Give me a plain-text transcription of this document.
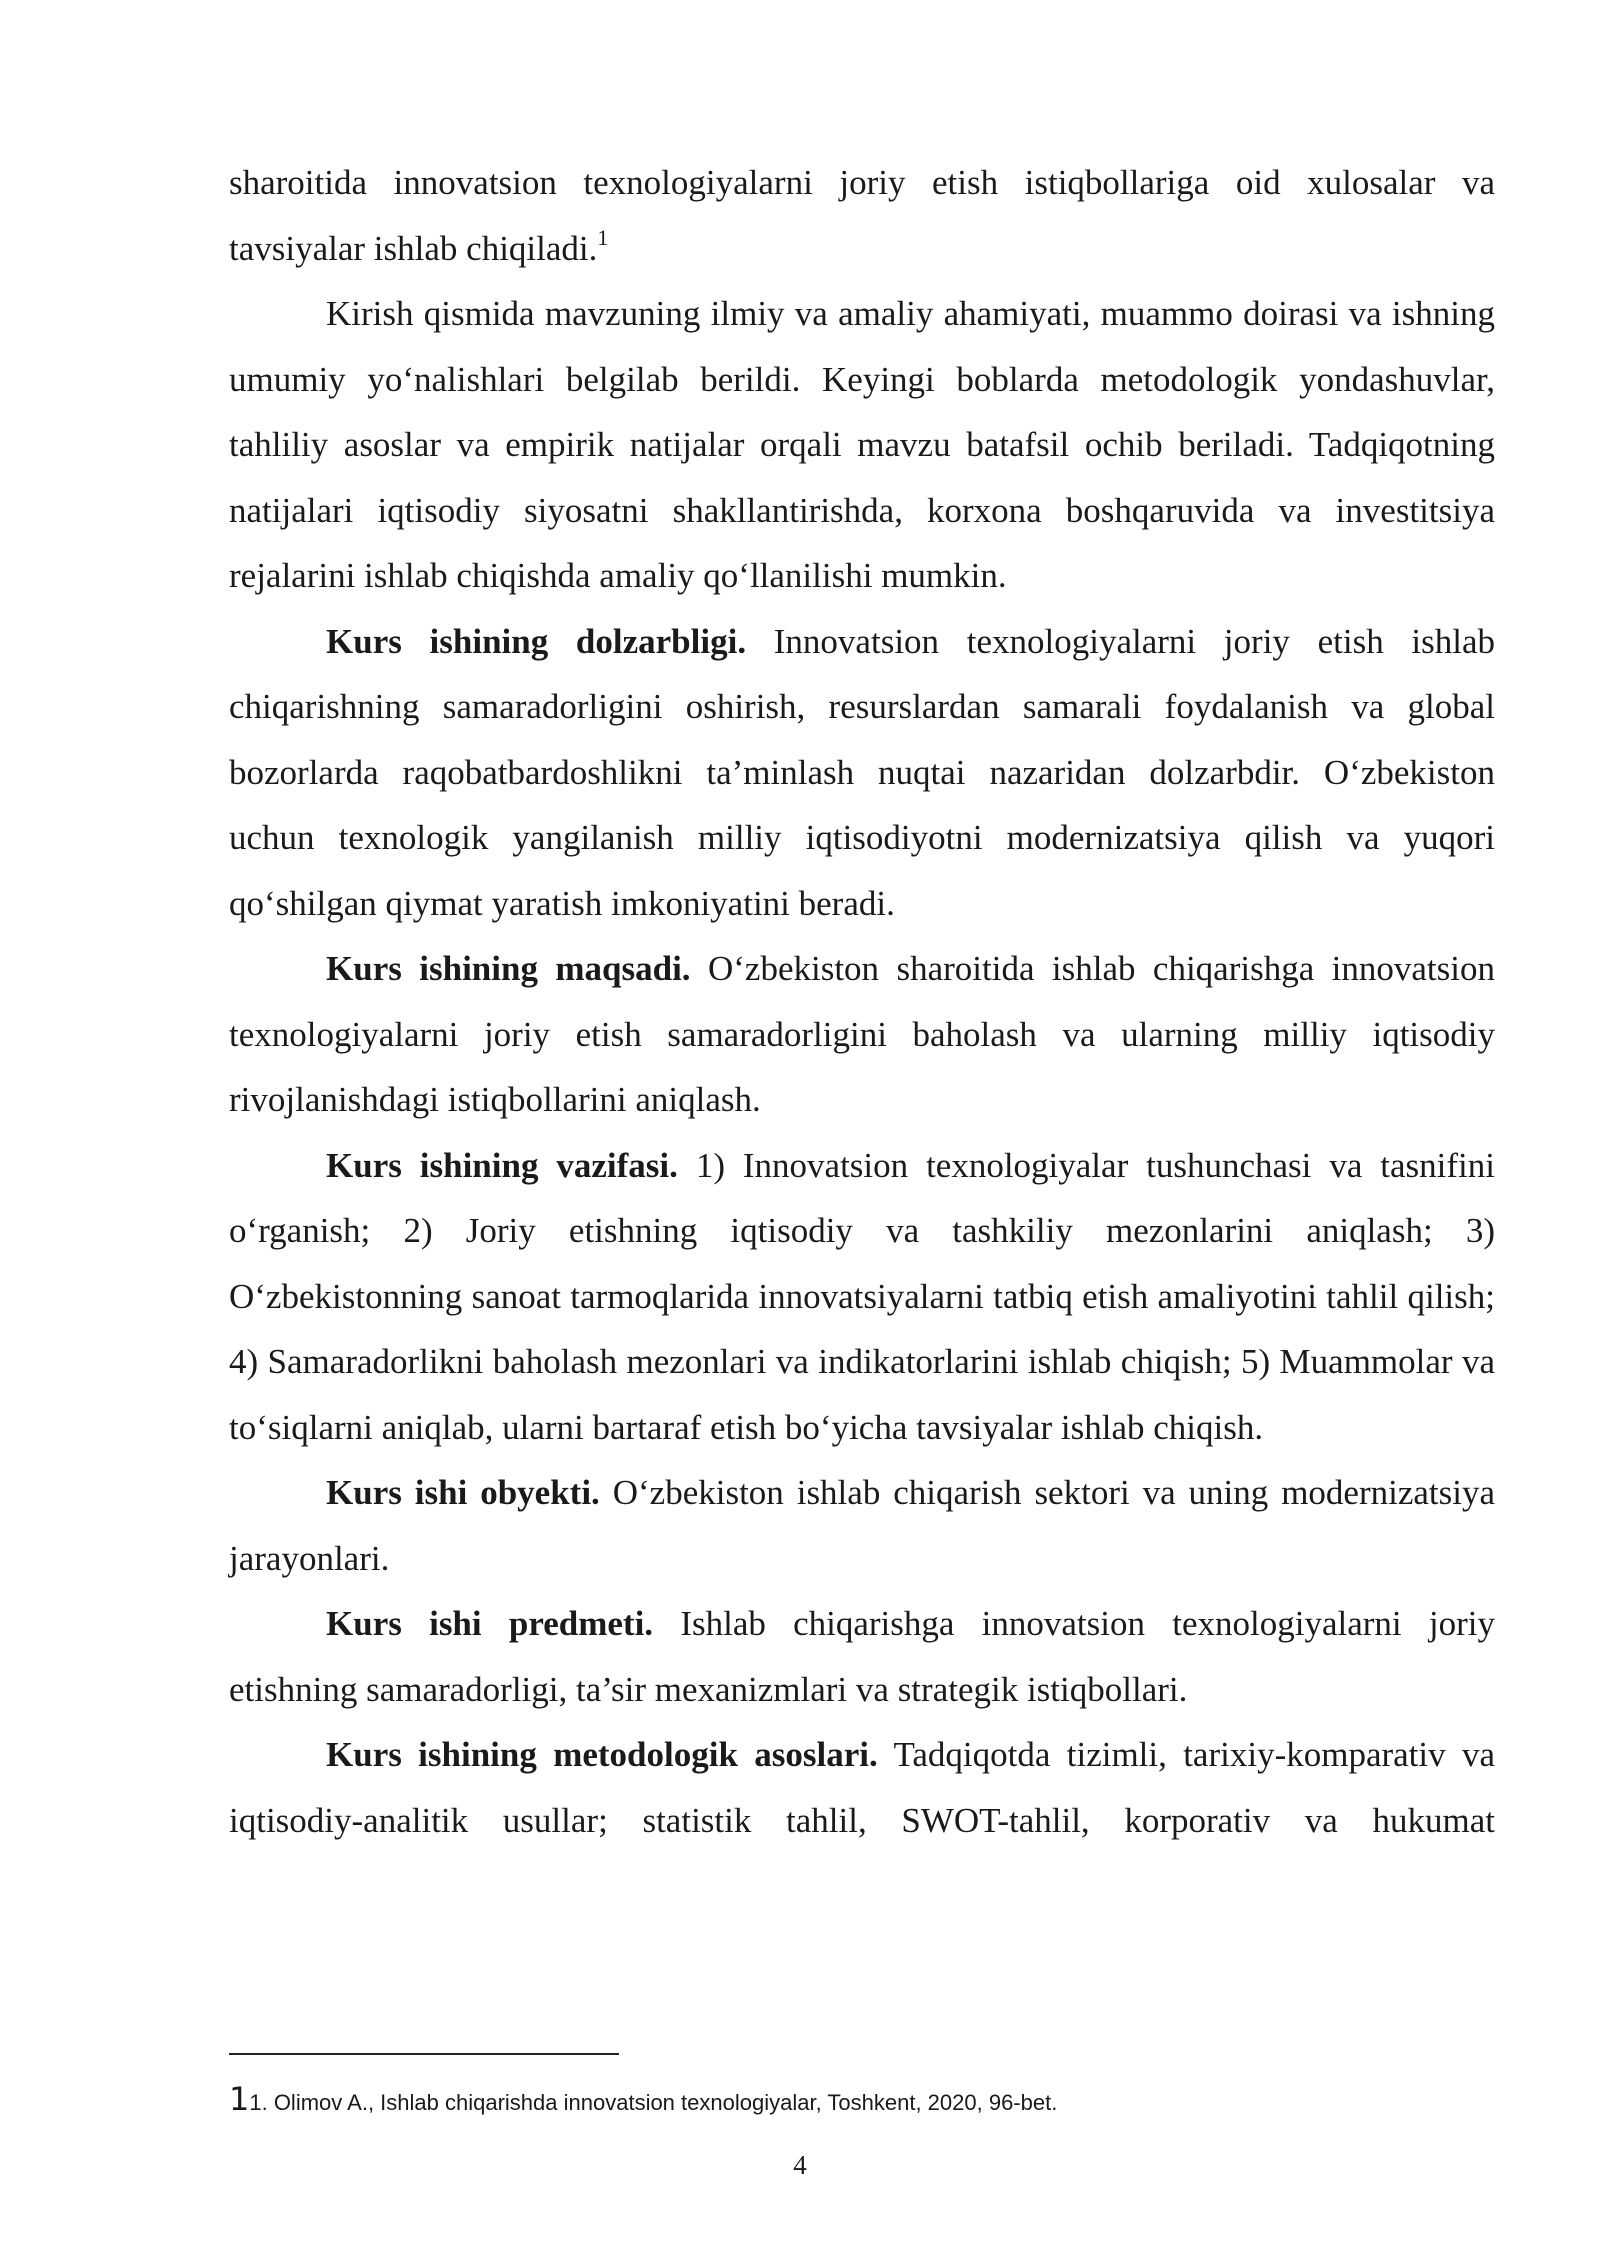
sharoitida innovatsion texnologiyalarni joriy etish istiqbollariga oid xulosalar va tavsiyalar ishlab chiqiladi.$^1$

Kirish qismida mavzuning ilmiy va amaliy ahamiyati, muammo doirasi va ishning umumiy yo‘nalishlari belgilab berildi. Keyingi boblarda metodologik yondashuvlar, tahliliy asoslar va empirik natijalar orqali mavzu batafsil ochib beriladi. Tadqiqotning natijalari iqtisodiy siyosatni shakllantirishda, korxona boshqaruvida va investitsiya rejalarini ishlab chiqishda amaliy qo‘llanilishi mumkin.

Kurs ishining dolzarbligi. Innovatsion texnologiyalarni joriy etish ishlab chiqarishning samaradorligini oshirish, resurslardan samarali foydalanish va global bozorlarda raqobatbardoshlikni ta’minlash nuqtai nazaridan dolzarbdir. O‘zbekiston uchun texnologik yangilanish milliy iqtisodiyotni modernizatsiya qilish va yuqori qo‘shilgan qiymat yaratish imkoniyatini beradi.

Kurs ishining maqsadi. O‘zbekiston sharoitida ishlab chiqarishga innovatsion texnologiyalarni joriy etish samaradorligini baholash va ularning milliy iqtisodiy rivojlanishdagi istiqbollarini aniqlash.

Kurs ishining vazifasi. 1) Innovatsion texnologiyalar tushunchasi va tasnifini o‘rganish; 2) Joriy etishning iqtisodiy va tashkiliy mezonlarini aniqlash; 3) O‘zbekistonning sanoat tarmoqlarida innovatsiyalarni tatbiq etish amaliyotini tahlil qilish; 4) Samaradorlikni baholash mezonlari va indikatorlarini ishlab chiqish; 5) Muammolar va to‘siqlarni aniqlab, ularni bartaraf etish bo‘yicha tavsiyalar ishlab chiqish.

Kurs ishi obyekti. O‘zbekiston ishlab chiqarish sektori va uning modernizatsiya jarayonlari.

Kurs ishi predmeti. Ishlab chiqarishga innovatsion texnologiyalarni joriy etishning samaradorligi, ta’sir mexanizmlari va strategik istiqbollari.

Kurs ishining metodologik asoslari. Tadqiqotda tizimli, tarixiy-komparativ va iqtisodiy-analitik usullar; statistik tahlil, SWOT-tahlil, korporativ va hukumat

11. Olimov A., Ishlab chiqarishda innovatsion texnologiyalar, Toshkent, 2020, 96-bet.
4
